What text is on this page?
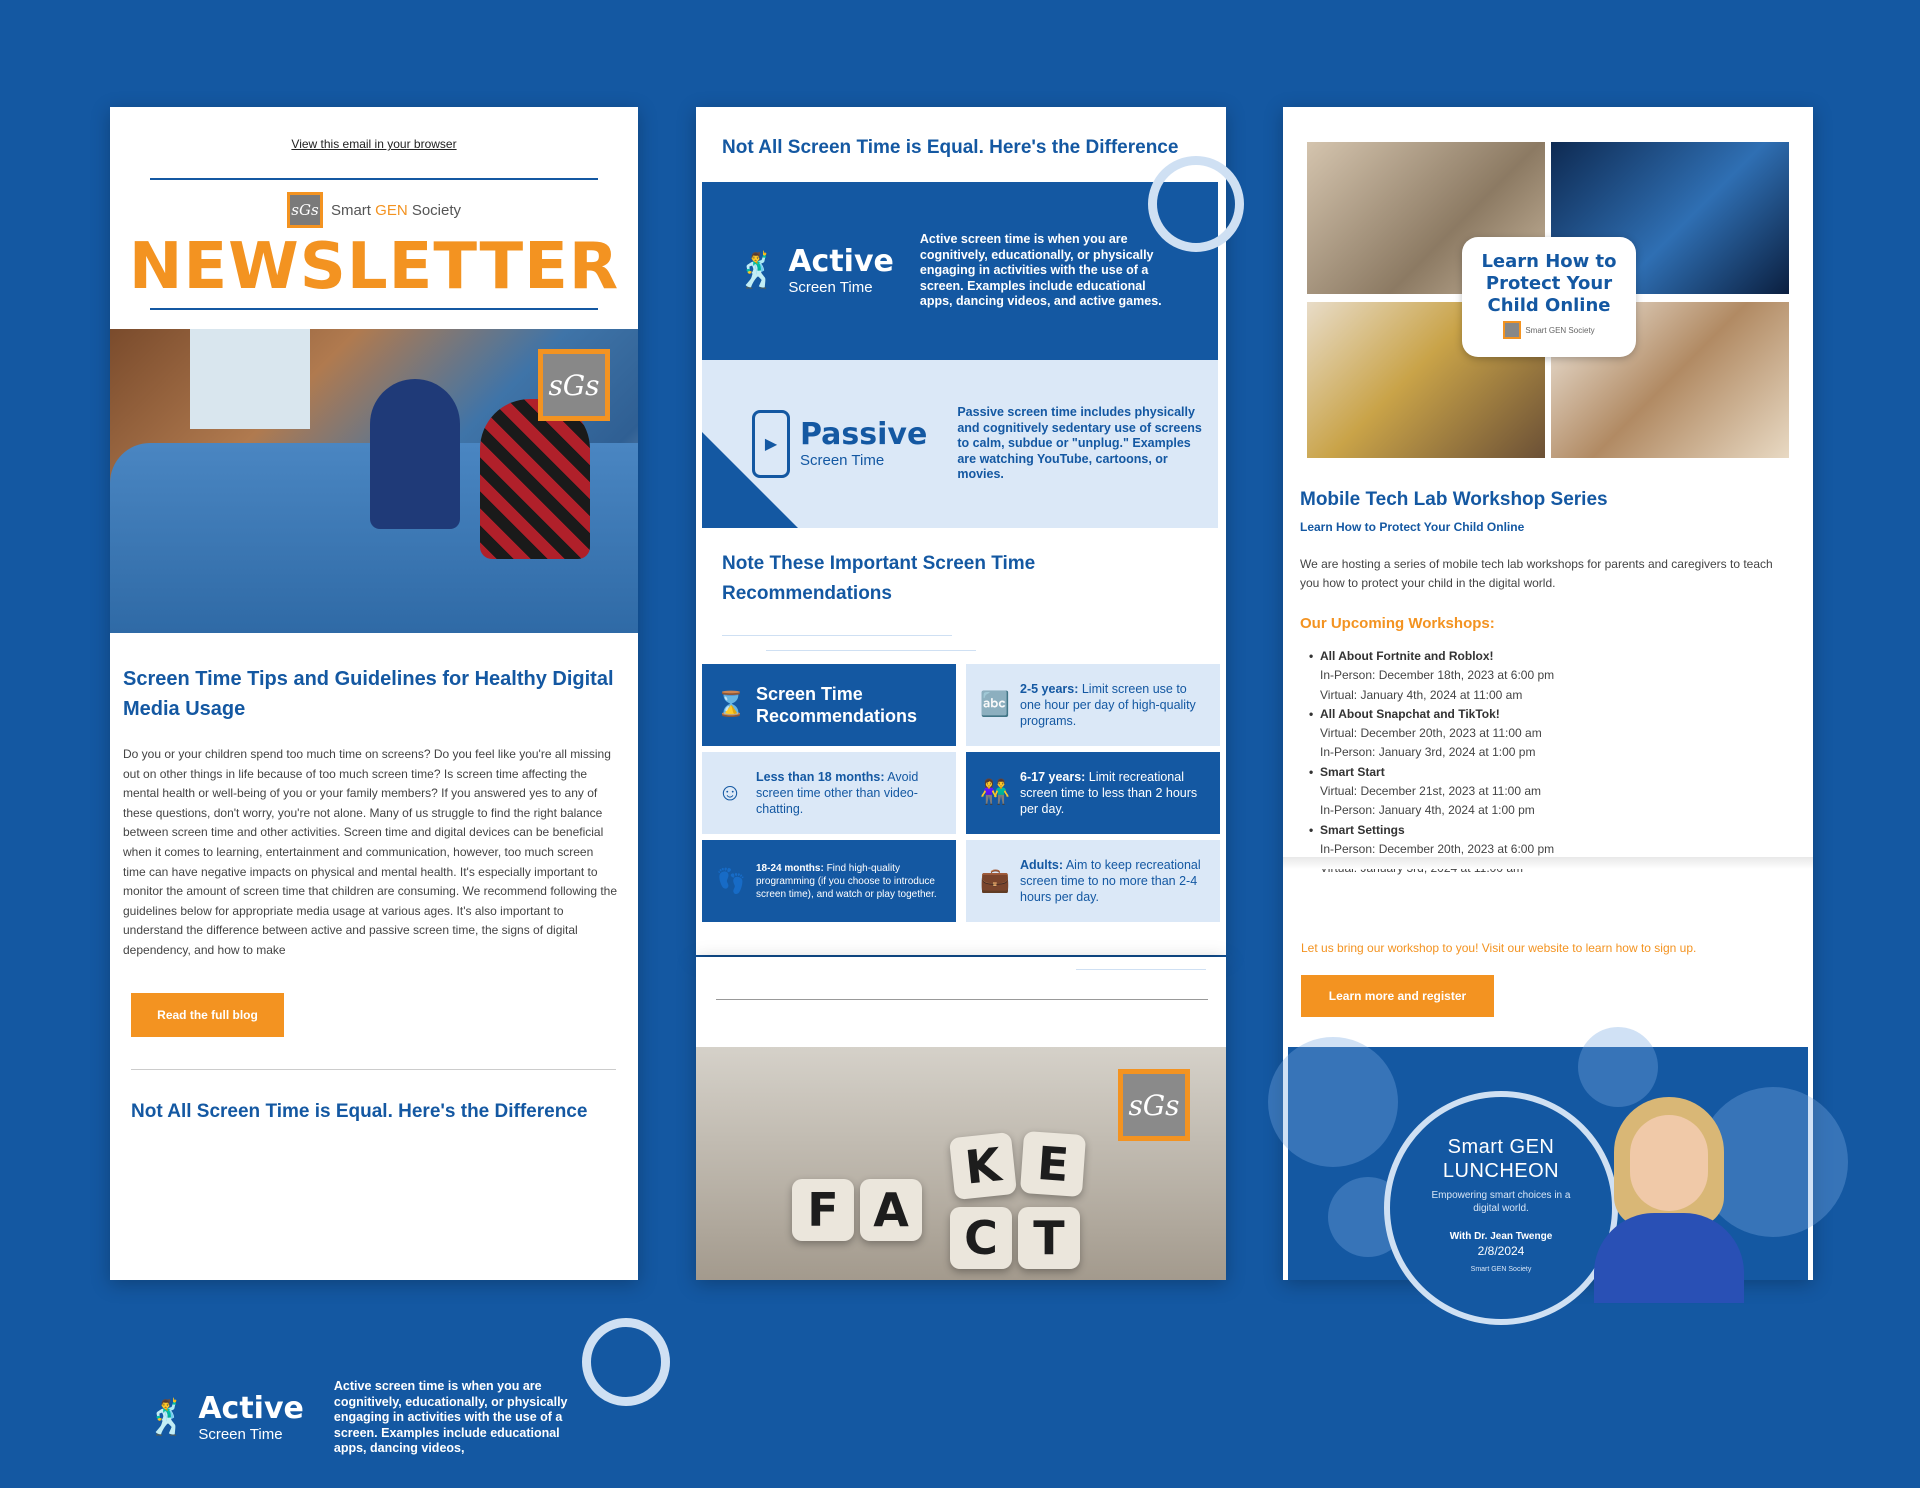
View this email in your browser
sGs Smart GEN Society
NEWSLETTER
sGs
Screen Time Tips and Guidelines for Healthy Digital Media Usage
Do you or your children spend too much time on screens? Do you feel like you're all missing out on other things in life because of too much screen time? Is screen time affecting the mental health or well-being of you or your family members? If you answered yes to any of these questions, don't worry, you're not alone. Many of us struggle to find the right balance between screen time and other activities. Screen time and digital devices can be beneficial when it comes to learning, entertainment and communication, however, too much screen time can have negative impacts on physical and mental health. It's especially important to monitor the amount of screen time that children are consuming. We recommend following the guidelines below for appropriate media usage at various ages. It's also important to understand the difference between active and passive screen time, the signs of digital dependency, and how to make
Read the full blog
Not All Screen Time is Equal. Here's the Difference
🕺 Active
Screen Time
Active screen time is when you are cognitively, educationally, or physically engaging in activities with the use of a screen. Examples include educational apps, dancing videos,
Not All Screen Time is Equal. Here's the Difference
🕺 Active
Screen Time
Active screen time is when you are cognitively, educationally, or physically engaging in activities with the use of a screen. Examples include educational apps, dancing videos, and active games.
▶ Passive
Screen Time
Passive screen time includes physically and cognitively sedentary use of screens to calm, subdue or "unplug." Examples are watching YouTube, cartoons, or movies.
Note These Important Screen Time Recommendations
⌛ Screen Time Recommendations	🔤
2-5 years: Limit screen use to one hour per day of high-quality programs.
☺
Less than 18 months: Avoid screen time other than video-chatting.
👫
6-17 years: Limit recreational screen time to less than 2 hours per day.
👣 18-24 months: Find high-quality programming (if you choose to introduce screen time), and watch or play together. 💼
Adults: Aim to keep recreational screen time to no more than 2-4 hours per day.
F A
K E
C T
sGs
Learn How to Protect Your Child Online
Smart GEN Society
Mobile Tech Lab Workshop Series
Learn How to Protect Your Child Online
We are hosting a series of mobile tech lab workshops for parents and caregivers to teach you how to protect your child in the digital world.
Our Upcoming Workshops:
• All About Fortnite and Roblox!
In-Person: December 18th, 2023 at 6:00 pm
Virtual: January 4th, 2024 at 11:00 am
• All About Snapchat and TikTok!
Virtual: December 20th, 2023 at 11:00 am
In-Person: January 3rd, 2024 at 1:00 pm
• Smart Start
Virtual: December 21st, 2023 at 11:00 am
In-Person: January 4th, 2024 at 1:00 pm
• Smart Settings
In-Person: December 20th, 2023 at 6:00 pm
Let us bring our workshop to you! Visit our website to learn how to sign up.
Learn more and register
Smart GEN
LUNCHEON
Empowering smart choices in a digital world.
With Dr. Jean Twenge
2/8/2024
Smart GEN Society
